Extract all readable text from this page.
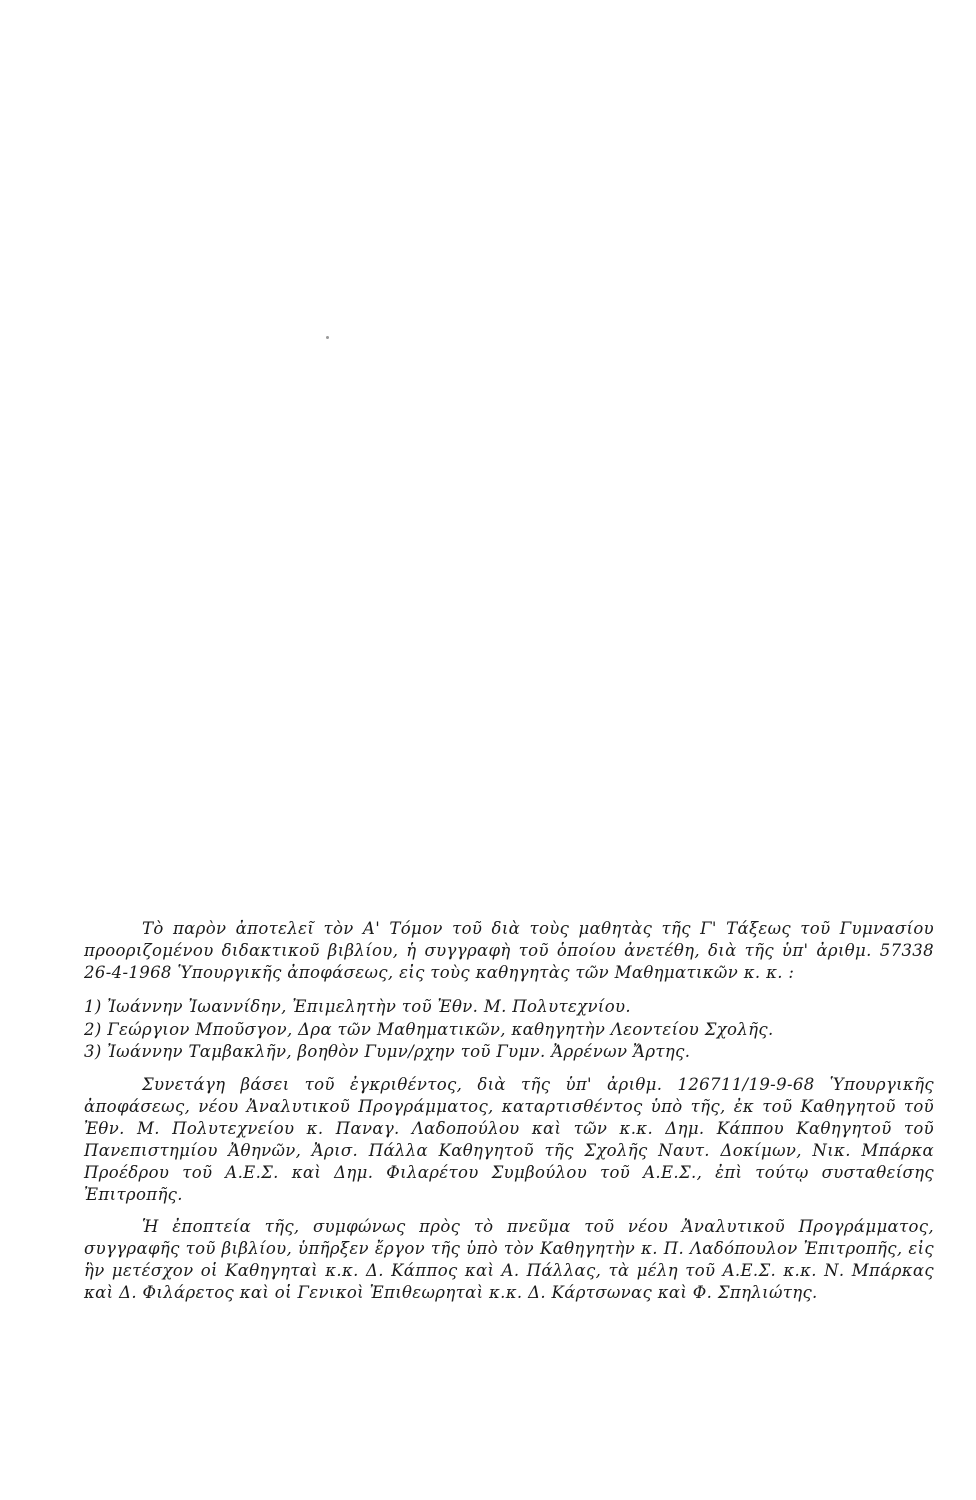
Τὸ παρὸν ἀποτελεῖ τὸν Α' Τόμον τοῦ διὰ τοὺς μαθητὰς τῆς Γ' Τάξεως τοῦ Γυμνασίου προοριζομένου διδακτικοῦ βιβλίου, ἡ συγγραφὴ τοῦ ὁποίου ἀνετέθη, διὰ τῆς ὑπ' ἀριθμ. 57338 26-4-1968 Ὑπουργικῆς ἀποφάσεως, εἰς τοὺς καθηγητὰς τῶν Μαθηματικῶν κ. κ. :

1) Ἰωάννην Ἰωαννίδην, Ἐπιμελητὴν τοῦ Ἐθν. Μ. Πολυτεχνίου.
2) Γεώργιον Μποῦσγον, Δρα τῶν Μαθηματικῶν, καθηγητὴν Λεοντείου Σχολῆς.
3) Ἰωάννην Ταμβακλῆν, βοηθὸν Γυμν/ρχην τοῦ Γυμν. Ἀρρένων Ἄρτης.

Συνετάγη βάσει τοῦ ἐγκριθέντος, διὰ τῆς ὑπ' ἀριθμ. 126711/19-9-68 Ὑπουργικῆς ἀποφάσεως, νέου Ἀναλυτικοῦ Προγράμματος, καταρτισθέντος ὑπὸ τῆς, ἐκ τοῦ Καθηγητοῦ τοῦ Ἐθν. Μ. Πολυτεχνείου κ. Παναγ. Λαδοπούλου καὶ τῶν κ.κ. Δημ. Κάππου Καθηγητοῦ τοῦ Πανεπιστημίου Ἀθηνῶν, Ἀρισ. Πάλλα Καθηγητοῦ τῆς Σχολῆς Ναυτ. Δοκίμων, Νικ. Μπάρκα Προέδρου τοῦ Α.Ε.Σ. καὶ Δημ. Φιλαρέτου Συμβούλου τοῦ Α.Ε.Σ., ἐπὶ τούτῳ συσταθείσης Ἐπιτροπῆς.

Ἡ ἐποπτεία τῆς, συμφώνως πρὸς τὸ πνεῦμα τοῦ νέου Ἀναλυτικοῦ Προγράμματος, συγγραφῆς τοῦ βιβλίου, ὑπῆρξεν ἔργον τῆς ὑπὸ τὸν Καθηγητὴν κ. Π. Λαδόπουλον Ἐπιτροπῆς, εἰς ἣν μετέσχον οἱ Καθηγηταὶ κ.κ. Δ. Κάππος καὶ Α. Πάλλας, τὰ μέλη τοῦ Α.Ε.Σ. κ.κ. Ν. Μπάρκας καὶ Δ. Φιλάρετος καὶ οἱ Γενικοὶ Ἐπιθεωρηταὶ κ.κ. Δ. Κάρτσωνας καὶ Φ. Σπηλιώτης.
